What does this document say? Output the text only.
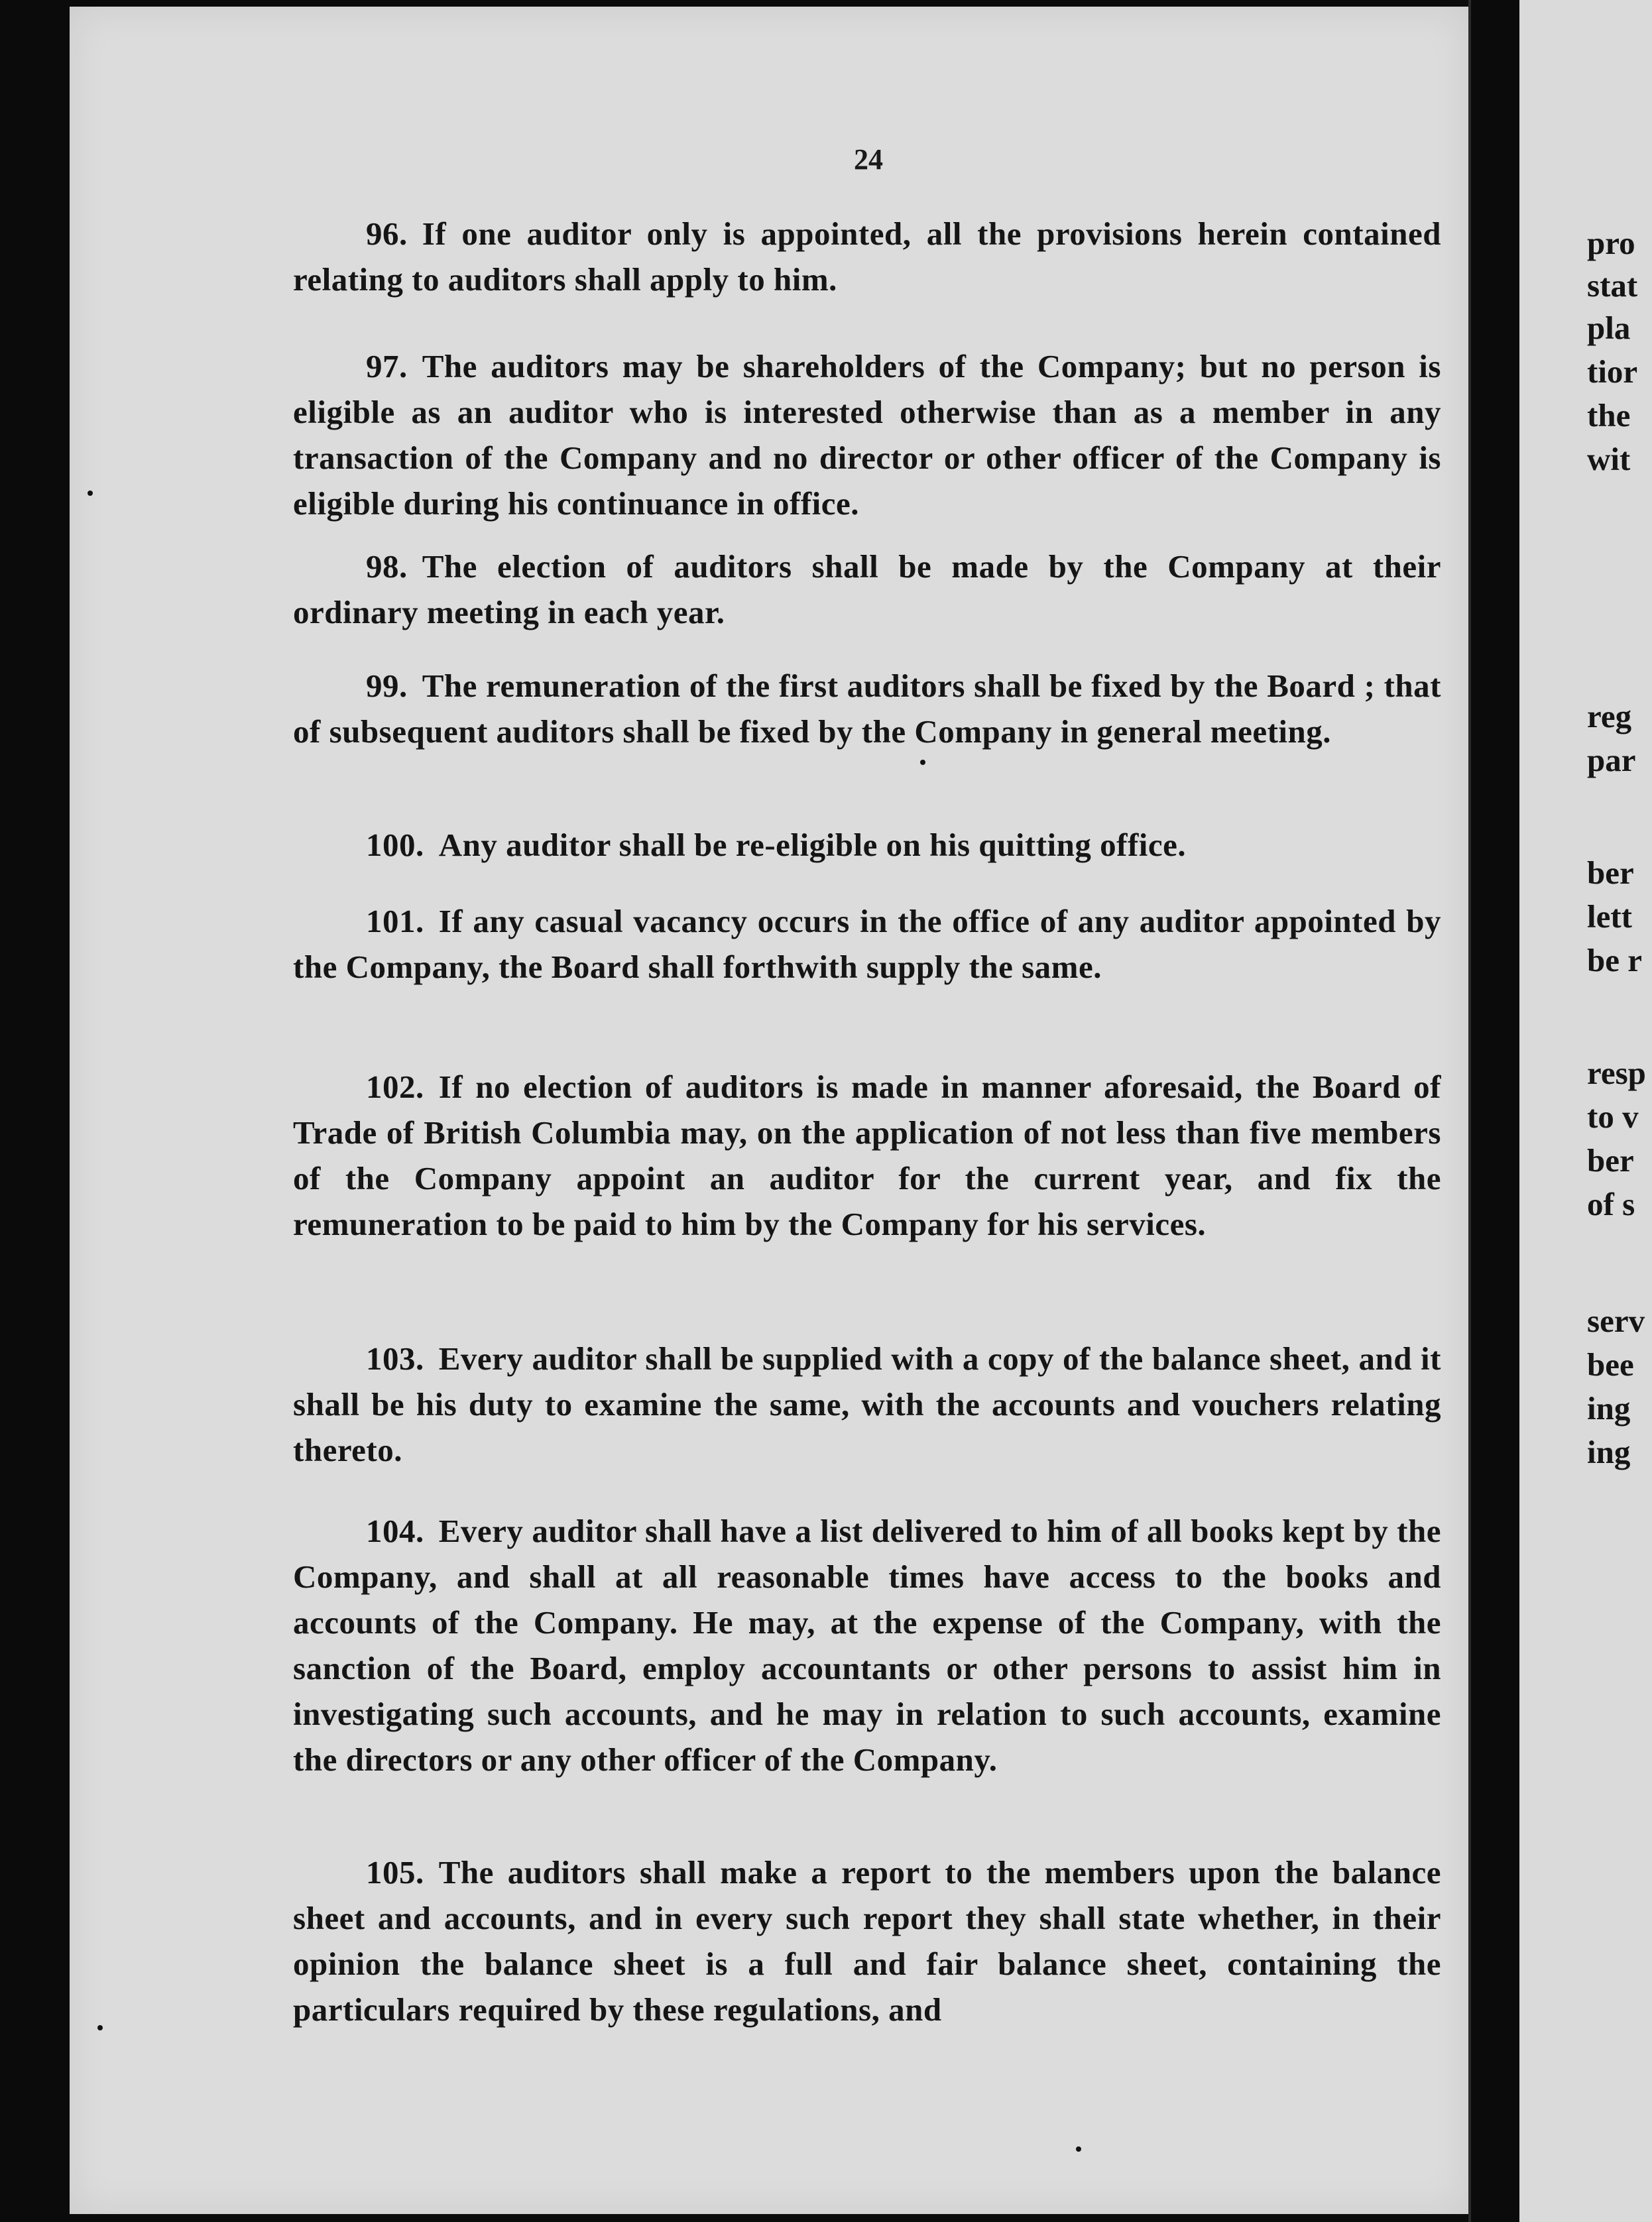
24
96. If one auditor only is appointed, all the provisions herein contained relating to auditors shall apply to him.
97. The auditors may be shareholders of the Company; but no person is eligible as an auditor who is interested otherwise than as a member in any transaction of the Company and no director or other officer of the Company is eligible during his continuance in office.
98. The election of auditors shall be made by the Company at their ordinary meeting in each year.
99. The remuneration of the first auditors shall be fixed by the Board ; that of subsequent auditors shall be fixed by the Company in general meeting.
100. Any auditor shall be re-eligible on his quitting office.
101. If any casual vacancy occurs in the office of any auditor appointed by the Company, the Board shall forthwith supply the same.
102. If no election of auditors is made in manner aforesaid, the Board of Trade of British Columbia may, on the application of not less than five members of the Company appoint an auditor for the current year, and fix the remuneration to be paid to him by the Company for his services.
103. Every auditor shall be supplied with a copy of the balance sheet, and it shall be his duty to examine the same, with the accounts and vouchers relating thereto.
104. Every auditor shall have a list delivered to him of all books kept by the Company, and shall at all reasonable times have access to the books and accounts of the Company. He may, at the expense of the Company, with the sanction of the Board, employ accountants or other persons to assist him in investigating such accounts, and he may in relation to such accounts, examine the directors or any other officer of the Company.
105. The auditors shall make a report to the members upon the balance sheet and accounts, and in every such report they shall state whether, in their opinion the balance sheet is a full and fair balance sheet, containing the particulars required by these regulations, and
pro
stat
pla
tior
the
wit
reg
par
ber
lett
be r
resp
to v
ber
of s
serv
bee
ing
ing
